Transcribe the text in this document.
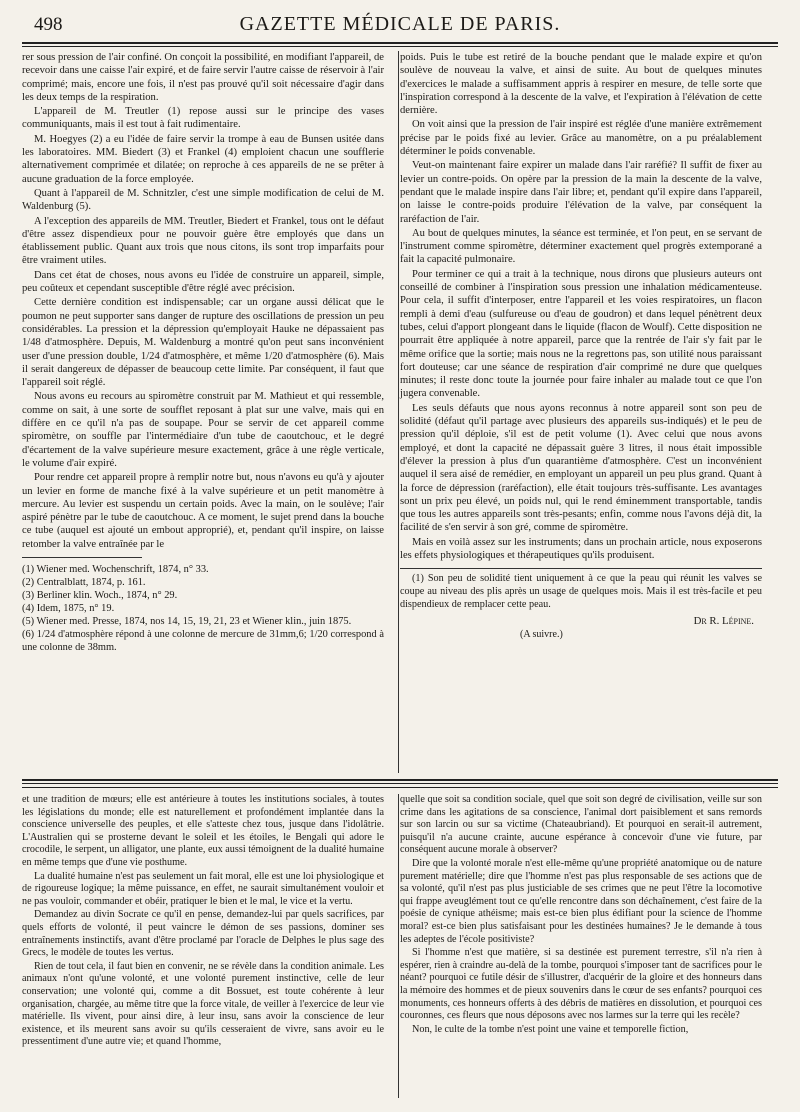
498	GAZETTE MÉDICALE DE PARIS.

rer sous pression de l'air confiné. On conçoit la possibilité, en modifiant l'appareil, de recevoir dans une caisse l'air expiré, et de faire servir l'autre caisse de réservoir à l'air comprimé; mais, encore une fois, il n'est pas prouvé qu'il soit nécessaire d'agir dans les deux temps de la respiration.

L'appareil de M. Treutler (1) repose aussi sur le principe des vases communiquants, mais il est tout à fait rudimentaire.

M. Hoegyes (2) a eu l'idée de faire servir la trompe à eau de Bunsen usitée dans les laboratoires. MM. Biedert (3) et Frankel (4) emploient chacun une soufflerie alternativement comprimée et dilatée; on reproche à ces appareils de ne se prêter à aucune graduation de la force employée.

Quant à l'appareil de M. Schnitzler, c'est une simple modification de celui de M. Waldenburg (5).

A l'exception des appareils de MM. Treutler, Biedert et Frankel, tous ont le défaut d'être assez dispendieux pour ne pouvoir guère être employés que dans un établissement public. Quant aux trois que nous citons, ils sont trop imparfaits pour être vraiment utiles.

Dans cet état de choses, nous avons eu l'idée de construire un appareil, simple, peu coûteux et cependant susceptible d'être réglé avec précision.

Cette dernière condition est indispensable; car un organe aussi délicat que le poumon ne peut supporter sans danger de rupture des oscillations de pression un peu considérables. La pression et la dépression qu'employait Hauke ne dépassaient pas 1/48 d'atmosphère. Depuis, M. Waldenburg a montré qu'on peut sans inconvénient user d'une pression double, 1/24 d'atmosphère, et même 1/20 d'atmosphère (6). Mais il serait dangereux de dépasser de beaucoup cette limite. Par conséquent, il faut que l'appareil soit réglé.

Nous avons eu recours au spiromètre construit par M. Mathieut et qui ressemble, comme on sait, à une sorte de soufflet reposant à plat sur une valve, mais qui en diffère en ce qu'il n'a pas de soupape. Pour se servir de cet appareil comme spiromètre, on souffle par l'intermédiaire d'un tube de caoutchouc, et le degré d'écartement de la valve supérieure mesure exactement, grâce à une règle verticale, le volume d'air expiré.

Pour rendre cet appareil propre à remplir notre but, nous n'avons eu qu'à y ajouter un levier en forme de manche fixé à la valve supérieure et un petit manomètre à mercure. Au levier est suspendu un certain poids. Avec la main, on le soulève; l'air aspiré pénètre par le tube de caoutchouc. A ce moment, le sujet prend dans la bouche ce tube (auquel est ajouté un embout approprié), et, pendant qu'il inspire, on laisse retomber la valve entraînée par le

(1) Wiener med. Wochenschrift, 1874, n° 33.
(2) Centralblatt, 1874, p. 161.
(3) Berliner klin. Woch., 1874, n° 29.
(4) Idem, 1875, n° 19.
(5) Wiener med. Presse, 1874, nos 14, 15, 19, 21, 23 et Wiener klin., juin 1875.
(6) 1/24 d'atmosphère répond à une colonne de mercure de 31mm,6; 1/20 correspond à une colonne de 38mm.

poids. Puis le tube est retiré de la bouche pendant que le malade expire et qu'on soulève de nouveau la valve, et ainsi de suite. Au bout de quelques minutes d'exercices le malade a suffisamment appris à respirer en mesure, de telle sorte que l'inspiration correspond à la descente de la valve, et l'expiration à l'élévation de cette dernière.

On voit ainsi que la pression de l'air inspiré est réglée d'une manière extrêmement précise par le poids fixé au levier. Grâce au manomètre, on a pu préalablement déterminer le poids convenable.

Veut-on maintenant faire expirer un malade dans l'air raréfié? Il suffit de fixer au levier un contre-poids. On opère par la pression de la main la descente de la valve, pendant que le malade inspire dans l'air libre; et, pendant qu'il expire dans l'appareil, on laisse le contre-poids produire l'élévation de la valve, par conséquent la raréfaction de l'air.

Au bout de quelques minutes, la séance est terminée, et l'on peut, en se servant de l'instrument comme spiromètre, déterminer exactement quel progrès extemporané a fait la capacité pulmonaire.

Pour terminer ce qui a trait à la technique, nous dirons que plusieurs auteurs ont conseillé de combiner à l'inspiration sous pression une inhalation médicamenteuse. Pour cela, il suffit d'interposer, entre l'appareil et les voies respiratoires, un flacon rempli à demi d'eau (sulfureuse ou d'eau de goudron) et dans lequel pénètrent deux tubes, celui d'apport plongeant dans le liquide (flacon de Woulf). Cette disposition ne pourrait être appliquée à notre appareil, parce que la rentrée de l'air s'y fait par le même orifice que la sortie; mais nous ne la regrettons pas, son utilité nous paraissant fort douteuse; car une séance de respiration d'air comprimé ne dure que quelques minutes; il reste donc toute la journée pour faire inhaler au malade tout ce que l'on jugera convenable.

Les seuls défauts que nous ayons reconnus à notre appareil sont son peu de solidité (défaut qu'il partage avec plusieurs des appareils sus-indiqués) et le peu de pression qu'il déploie, s'il est de petit volume (1). Avec celui que nous avons employé, et dont la capacité ne dépassait guère 3 litres, il nous était impossible d'élever la pression à plus d'un quarantième d'atmosphère. C'est un inconvénient auquel il sera aisé de remédier, en employant un appareil un peu plus grand. Quant à la force de dépression (raréfaction), elle était toujours très-suffisante. Les avantages sont un prix peu élevé, un poids nul, qui le rend éminemment transportable, tandis que tous les autres appareils sont très-pesants; enfin, comme nous l'avons déjà dit, la facilité de s'en servir à son gré, comme de spiromètre.

Mais en voilà assez sur les instruments; dans un prochain article, nous exposerons les effets physiologiques et thérapeutiques qu'ils produisent.

(1) Son peu de solidité tient uniquement à ce que la peau qui réunit les valves se coupe au niveau des plis après un usage de quelques mois. Mais il est très-facile et peu dispendieux de remplacer cette peau.

Dr R. Lépine.
(A suivre.)

et une tradition de mœurs; elle est antérieure à toutes les institutions sociales, à toutes les législations du monde; elle est naturellement et profondément implantée dans la conscience universelle des peuples, et elle s'atteste chez tous, jusque dans l'idolâtrie. L'Australien qui se prosterne devant le soleil et les étoiles, le Bengali qui adore le crocodile, le serpent, un alligator, une plante, eux aussi témoignent de la dualité humaine en même temps que d'une vie posthume.

La dualité humaine n'est pas seulement un fait moral, elle est une loi physiologique et de rigoureuse logique; la même puissance, en effet, ne saurait simultanément vouloir et ne pas vouloir, commander et obéir, pratiquer le bien et le mal, le vice et la vertu.

Demandez au divin Socrate ce qu'il en pense, demandez-lui par quels sacrifices, par quels efforts de volonté, il peut vaincre le démon de ses passions, dominer ses entraînements instinctifs, avant d'être proclamé par l'oracle de Delphes le plus sage des Grecs, le modèle de toutes les vertus.

Rien de tout cela, il faut bien en convenir, ne se révèle dans la condition animale. Les animaux n'ont qu'une volonté, et une volonté purement instinctive, celle de leur conservation; une volonté qui, comme a dit Bossuet, est toute cohérente à leur organisation, chargée, au même titre que la force vitale, de veiller à l'exercice de leur vie matérielle. Ils vivent, pour ainsi dire, à leur insu, sans avoir la conscience de leur existence, et ils meurent sans avoir su qu'ils cesseraient de vivre, sans avoir eu le pressentiment d'une autre vie; et quand l'homme,

quelle que soit sa condition sociale, quel que soit son degré de civilisation, veille sur son crime dans les agitations de sa conscience, l'animal dort paisiblement et sans remords sur son larcin ou sur sa victime (Chateaubriand). Et pourquoi en serait-il autrement, puisqu'il n'a aucune crainte, aucune espérance à concevoir d'une vie future, par conséquent aucune morale à observer?

Dire que la volonté morale n'est elle-même qu'une propriété anatomique ou de nature purement matérielle; dire que l'homme n'est pas plus responsable de ses actions que de sa volonté, qu'il n'est pas plus justiciable de ses crimes que ne peut l'être la locomotive qui frappe aveuglément tout ce qu'elle rencontre dans son déchaînement, c'est faire de la poésie de cynique athéisme; mais est-ce bien plus édifiant pour la science de l'homme moral? est-ce bien plus satisfaisant pour les destinées humaines? Je le demande à tous les adeptes de l'école positiviste?

Si l'homme n'est que matière, si sa destinée est purement terrestre, s'il n'a rien à espérer, rien à craindre au-delà de la tombe, pourquoi s'imposer tant de sacrifices pour le néant? pourquoi ce futile désir de s'illustrer, d'acquérir de la gloire et des honneurs dans la mémoire des hommes et de pieux souvenirs dans le cœur de ses enfants? pourquoi ces monuments, ces honneurs offerts à des débris de matières en dissolution, et pourquoi ces couronnes, ces fleurs que nous déposons avec nos larmes sur la terre qui les recèle?

Non, le culte de la tombe n'est point une vaine et temporelle fiction,
